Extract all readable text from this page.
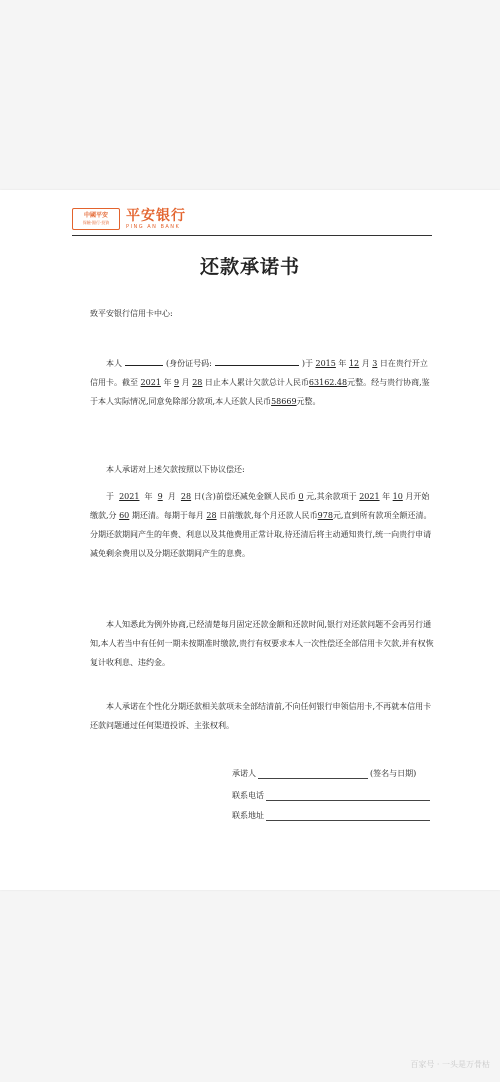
中國平安
保險·銀行·投資 平安银行
PING AN BANK
还款承诺书
致平安银行信用卡中心:
本人	(身份证号码:	)于 2015 年 12 月 3 日在贵行开立信用卡。截至 2021 年 9 月 28 日止本人累计欠款总计人民币63162.48元整。经与贵行协商,鉴于本人实际情况,同意免除部分款项,本人还款人民币58669元整。
本人承诺对上述欠款按照以下协议偿还:
于 2021 年 9 月 28 日(含)前偿还减免金额人民币 0 元,其余款项于 2021 年 10 月开始缴款,分 60 期还清。每期于每月 28 日前缴款,每个月还款人民币978元,直到所有款项全额还清。分期还款期间产生的年费、利息以及其他费用正常计取,待还清后将主动通知贵行,统一向贵行申请减免剩余费用以及分期还款期间产生的息费。
本人知悉此为例外协商,已经清楚每月固定还款金额和还款时间,银行对还款问题不会再另行通知,本人若当中有任何一期未按期准时缴款,贵行有权要求本人一次性偿还全部信用卡欠款,并有权恢复计收利息、违约金。
本人承诺在个性化分期还款相关款项未全部结清前,不向任何银行申领信用卡,不再就本信用卡还款问题通过任何渠道投诉、主张权利。
承诺人	(签名与日期)
联系电话
联系地址
百家号 · 一头是万骨枯
